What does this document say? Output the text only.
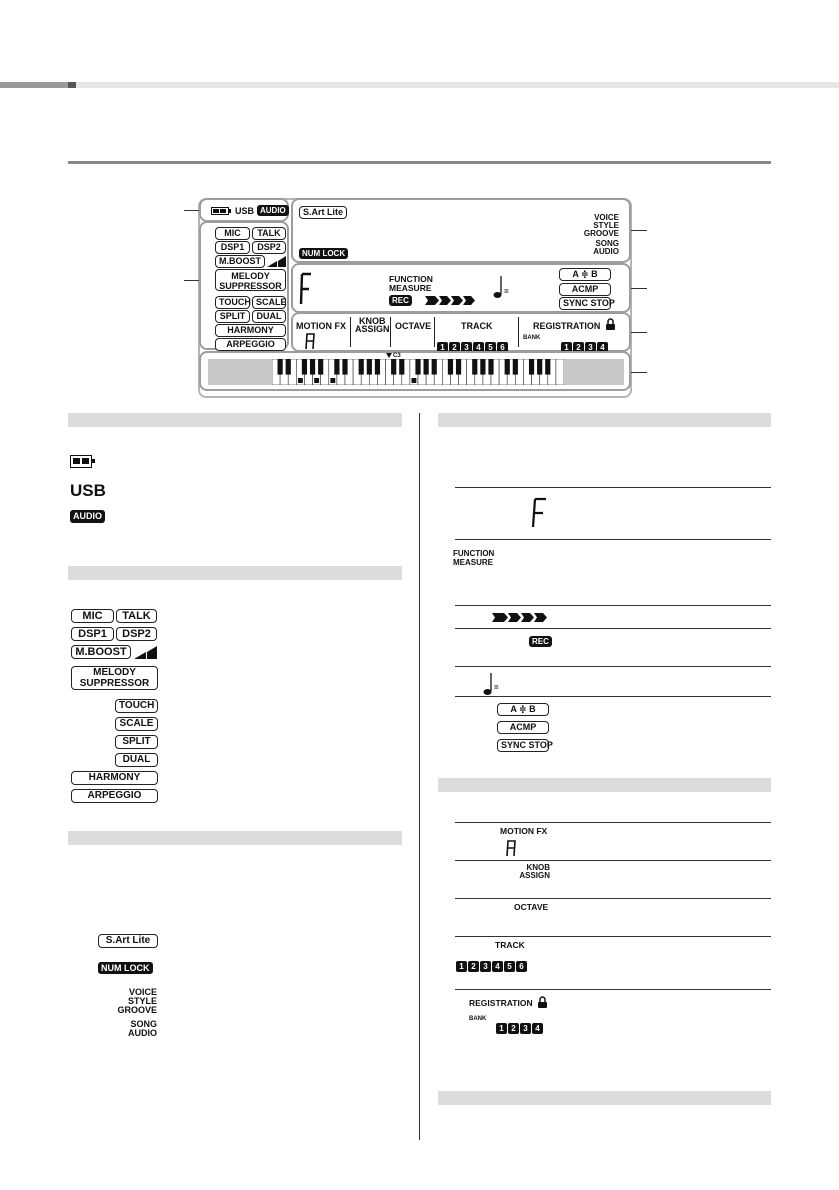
USB AUDIO
MIC	TALK
DSP1	DSP2
M.BOOST
MELODY
SUPPRESSOR
TOUCH SCALE
SPLIT	DUAL
HARMONY
ARPEGGIO
S.Art Lite
NUM LOCK
VOICE
STYLE
GROOVE
SONG
AUDIO
FUNCTION
MEASURE
REC
=
A ≑ B
ACMP
SYNC STOP
MOTION FX	KNOB
ASSIGN OCTAVE	TRACK
1 2 3 4 5 6
REGISTRATION
BANK
1 2 3 4
C3
USB
AUDIO
MIC	TALK
DSP1	DSP2
M.BOOST
MELODY
SUPPRESSOR
TOUCH
SCALE
SPLIT
DUAL
HARMONY
ARPEGGIO
S.Art Lite
NUM LOCK
VOICE
STYLE
GROOVE
SONG
AUDIO
FUNCTION
MEASURE
REC
=
A ≑ B
ACMP
SYNC STOP
MOTION FX
KNOB
ASSIGN
OCTAVE
TRACK
1 2 3 4 5 6
REGISTRATION
BANK
1 2 3 4
